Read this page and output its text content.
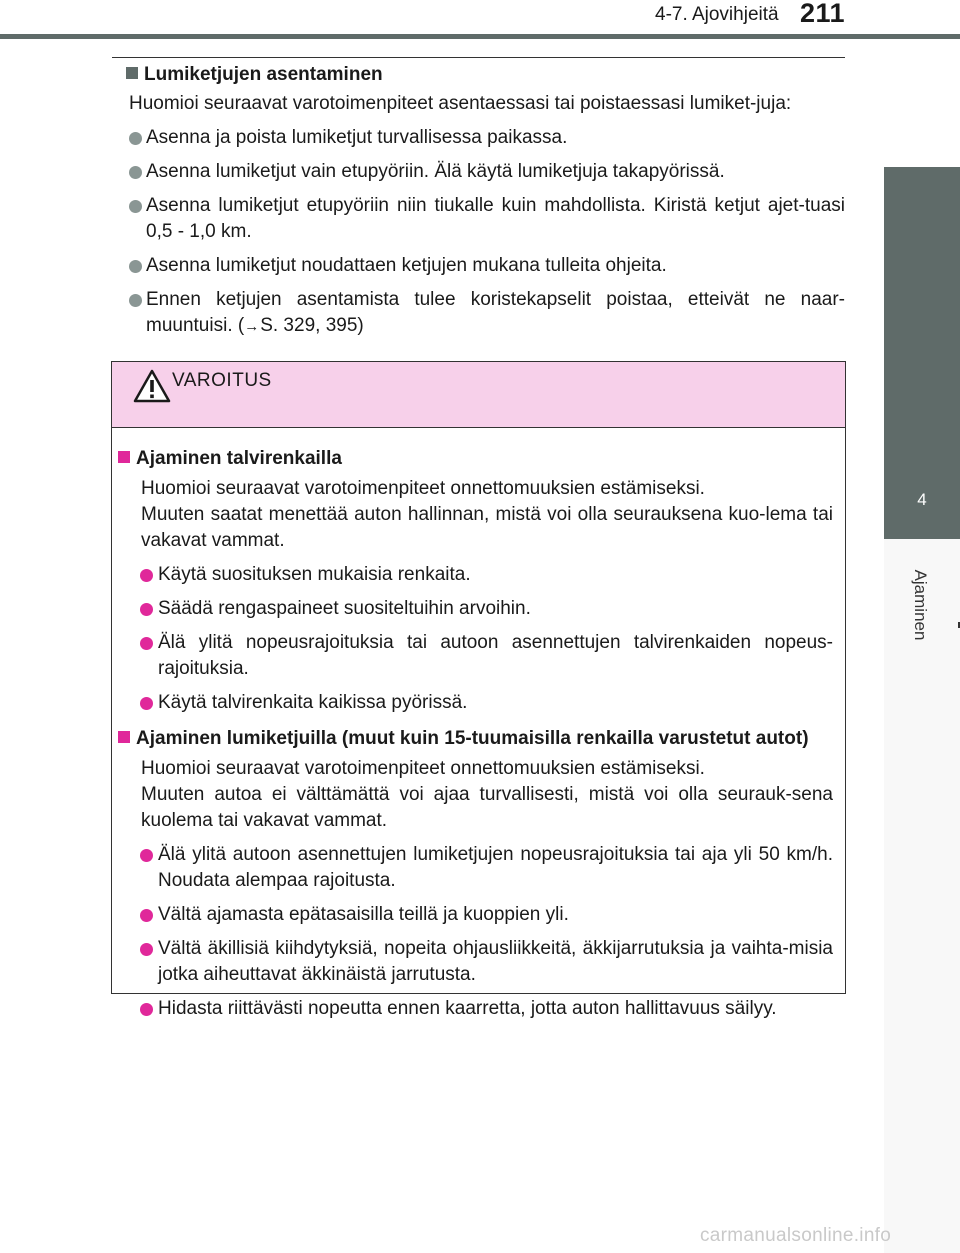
4-7. Ajovihjeitä 211
4
Ajaminen

Lumiketjujen asentaminen

Huomioi seuraavat varotoimenpiteet asentaessasi tai poistaessasi lumiket-juja:

Asenna ja poista lumiketjut turvallisessa paikassa.
Asenna lumiketjut vain etupyöriin. Älä käytä lumiketjuja takapyörissä.
Asenna lumiketjut etupyöriin niin tiukalle kuin mahdollista. Kiristä ketjut ajet-tuasi 0,5 - 1,0 km.
Asenna lumiketjut noudattaen ketjujen mukana tulleita ohjeita.
Ennen ketjujen asentamista tulee koristekapselit poistaa, etteivät ne naar-muuntuisi. (→S. 329, 395)
VAROITUS

Ajaminen talvirenkailla

Huomioi seuraavat varotoimenpiteet onnettomuuksien estämiseksi.

Muuten saatat menettää auton hallinnan, mistä voi olla seurauksena kuo-lema tai vakavat vammat.

Käytä suosituksen mukaisia renkaita.
Säädä rengaspaineet suositeltuihin arvoihin.
Älä ylitä nopeusrajoituksia tai autoon asennettujen talvirenkaiden nopeus-rajoituksia.
Käytä talvirenkaita kaikissa pyörissä.

Ajaminen lumiketjuilla (muut kuin 15-tuumaisilla renkailla varustetut autot)

Huomioi seuraavat varotoimenpiteet onnettomuuksien estämiseksi.

Muuten autoa ei välttämättä voi ajaa turvallisesti, mistä voi olla seurauk-sena kuolema tai vakavat vammat.

Älä ylitä autoon asennettujen lumiketjujen nopeusrajoituksia tai aja yli 50 km/h. Noudata alempaa rajoitusta.
Vältä ajamasta epätasaisilla teillä ja kuoppien yli.
Vältä äkillisiä kiihdytyksiä, nopeita ohjausliikkeitä, äkkijarrutuksia ja vaihta-misia jotka aiheuttavat äkkinäistä jarrutusta.
Hidasta riittävästi nopeutta ennen kaarretta, jotta auton hallittavuus säilyy.
carmanualsonline.info
